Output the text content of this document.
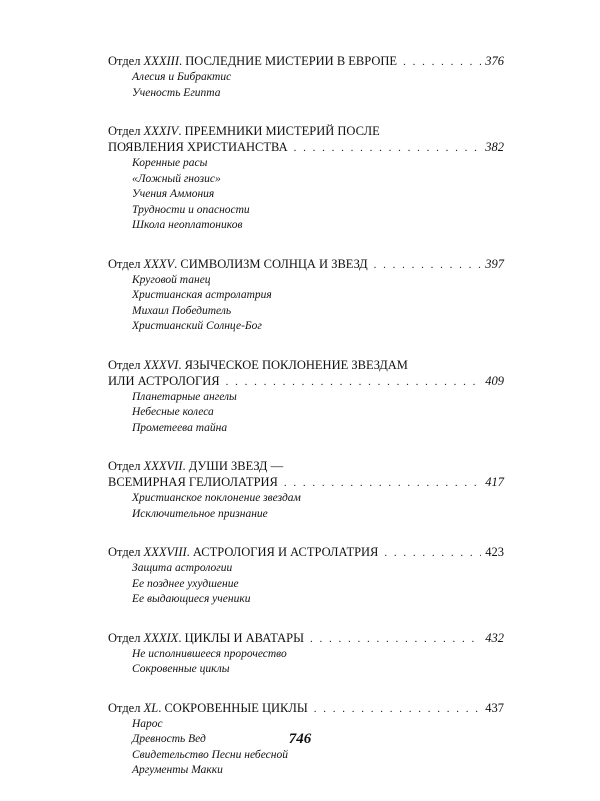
Отдел XXXIII. ПОСЛЕДНИЕ МИСТЕРИИ В ЕВРОПЕ . . .	376
Алесия и Бибрактис
Ученость Египта
Отдел XXXIV. ПРЕЕМНИКИ МИСТЕРИЙ ПОСЛЕ
ПОЯВЛЕНИЯ ХРИСТИАНСТВА . . .	382
Коренные расы
«Ложный гнозис»
Учения Аммония
Трудности и опасности
Школа неоплатоников
Отдел XXXV. СИМВОЛИЗМ СОЛНЦА И ЗВЕЗД . . .	397
Круговой танец
Христианская астролатрия
Михаил Победитель
Христианский Солнце-Бог
Отдел XXXVI. ЯЗЫЧЕСКОЕ ПОКЛОНЕНИЕ ЗВЕЗДАМ
ИЛИ АСТРОЛОГИЯ . . .	409
Планетарные ангелы
Небесные колеса
Прометеева тайна
Отдел XXXVII. ДУШИ ЗВЕЗД —
ВСЕМИРНАЯ ГЕЛИОЛАТРИЯ . . .	417
Христианское поклонение звездам
Исключительное признание
Отдел XXXVIII. АСТРОЛОГИЯ И АСТРОЛАТРИЯ . . .	423
Защита астрологии
Ее позднее ухудшение
Ее выдающиеся ученики
Отдел XXXIX. ЦИКЛЫ И АВАТАРЫ . . .	432
Не исполнившееся пророчество
Сокровенные циклы
Отдел XL. СОКРОВЕННЫЕ ЦИКЛЫ . . .	437
Нарос
Древность Вед
Свидетельство Песни небесной
Аргументы Макки
746
